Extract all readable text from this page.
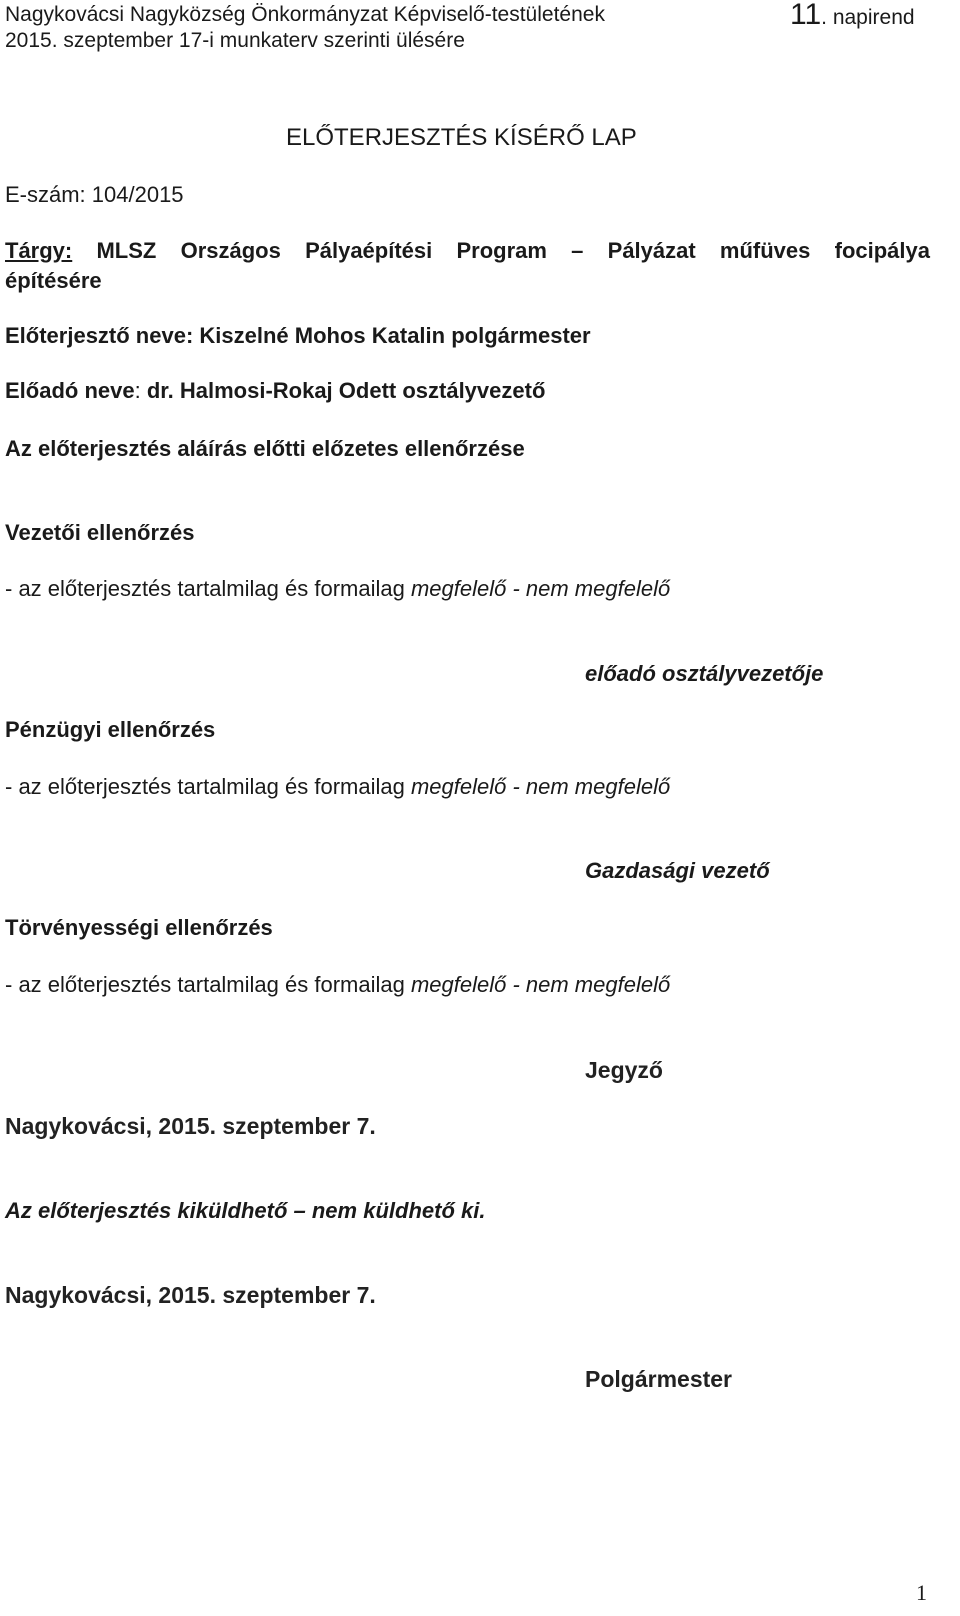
Nagykovácsi Nagyközség Önkormányzat Képviselő-testületének
2015. szeptember 17-i munkaterv szerinti ülésére
11. napirend
ELŐTERJESZTÉS KÍSÉRŐ LAP
E-szám: 104/2015
Tárgy: MLSZ Országos Pályaépítési Program – Pályázat műfüves focipálya
építésére
Előterjesztő neve: Kiszelné Mohos Katalin polgármester
Előadó neve: dr. Halmosi-Rokaj Odett osztályvezető
Az előterjesztés aláírás előtti előzetes ellenőrzése
Vezetői ellenőrzés
- az előterjesztés tartalmilag és formailag megfelelő - nem megfelelő
előadó osztályvezetője
Pénzügyi ellenőrzés
- az előterjesztés tartalmilag és formailag megfelelő - nem megfelelő
Gazdasági vezető
Törvényességi ellenőrzés
- az előterjesztés tartalmilag és formailag megfelelő - nem megfelelő
Jegyző
Nagykovácsi, 2015. szeptember 7.
Az előterjesztés kiküldhető – nem küldhető ki.
Nagykovácsi, 2015. szeptember 7.
Polgármester
1
